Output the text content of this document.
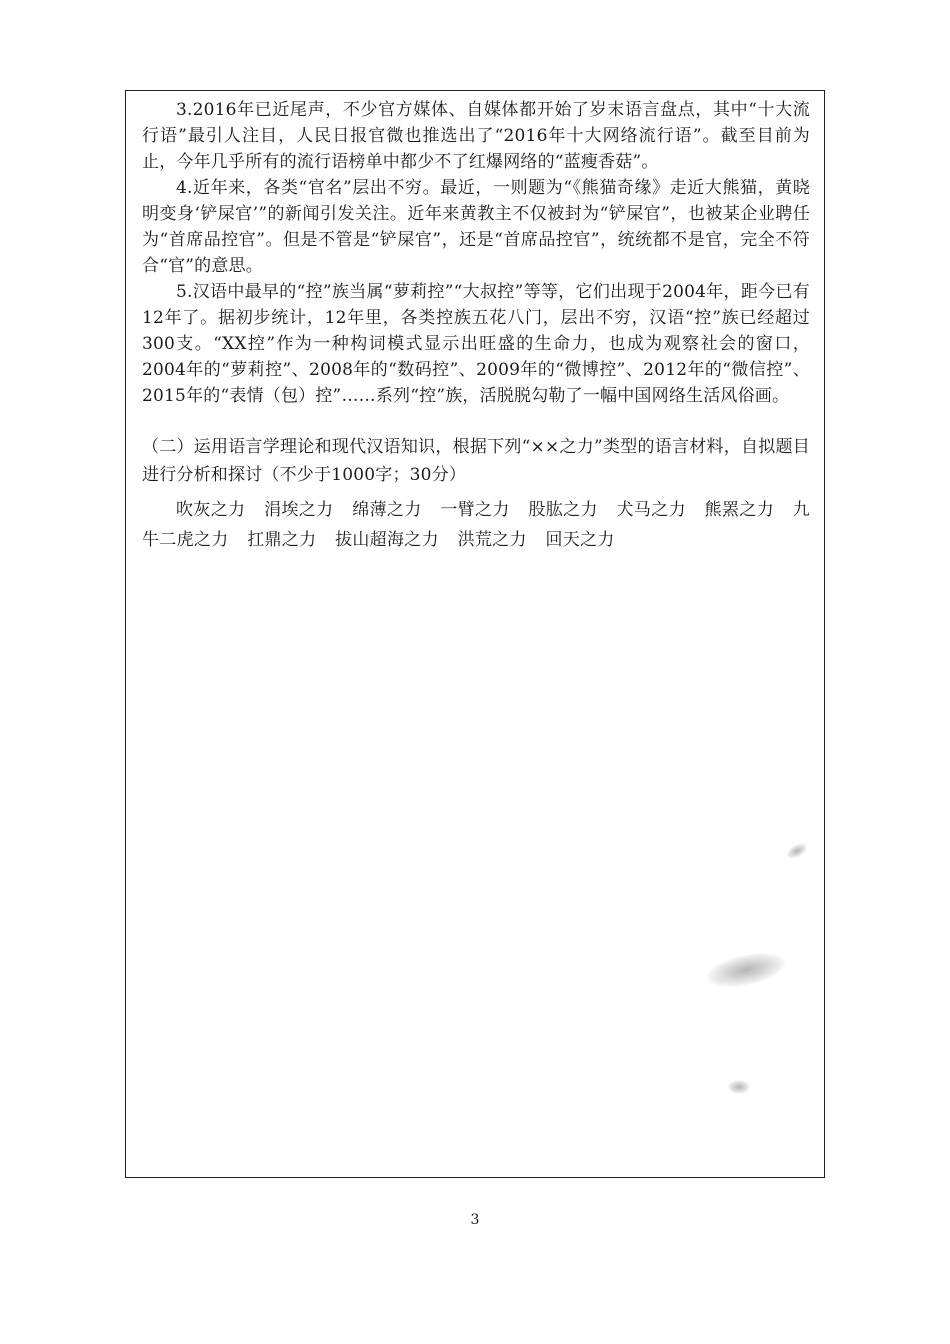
3.2016年已近尾声，不少官方媒体、自媒体都开始了岁末语言盘点，其中“十大流行语”最引人注目，人民日报官微也推选出了“2016年十大网络流行语”。截至目前为止，今年几乎所有的流行语榜单中都少不了红爆网络的“蓝瘦香菇”。

4.近年来，各类“官名”层出不穷。最近，一则题为“《熊猫奇缘》走近大熊猫，黄晓明变身‘铲屎官’”的新闻引发关注。近年来黄教主不仅被封为“铲屎官”，也被某企业聘任为“首席品控官”。但是不管是“铲屎官”，还是“首席品控官”，统统都不是官，完全不符合“官”的意思。

5.汉语中最早的“控”族当属“萝莉控”“大叔控”等等，它们出现于2004年，距今已有12年了。据初步统计，12年里，各类控族五花八门，层出不穷，汉语“控”族已经超过300支。“XX控”作为一种构词模式显示出旺盛的生命力，也成为观察社会的窗口，2004年的“萝莉控”、2008年的“数码控”、2009年的“微博控”、2012年的“微信控”、2015年的“表情（包）控”……系列“控”族，活脱脱勾勒了一幅中国网络生活风俗画。

（二）运用语言学理论和现代汉语知识，根据下列“××之力”类型的语言材料，自拟题目进行分析和探讨（不少于1000字；30分）

吹灰之力 涓埃之力 绵薄之力 一臂之力 股肱之力 犬马之力 熊罴之力 九牛二虎之力 扛鼎之力 拔山超海之力 洪荒之力 回天之力

3
